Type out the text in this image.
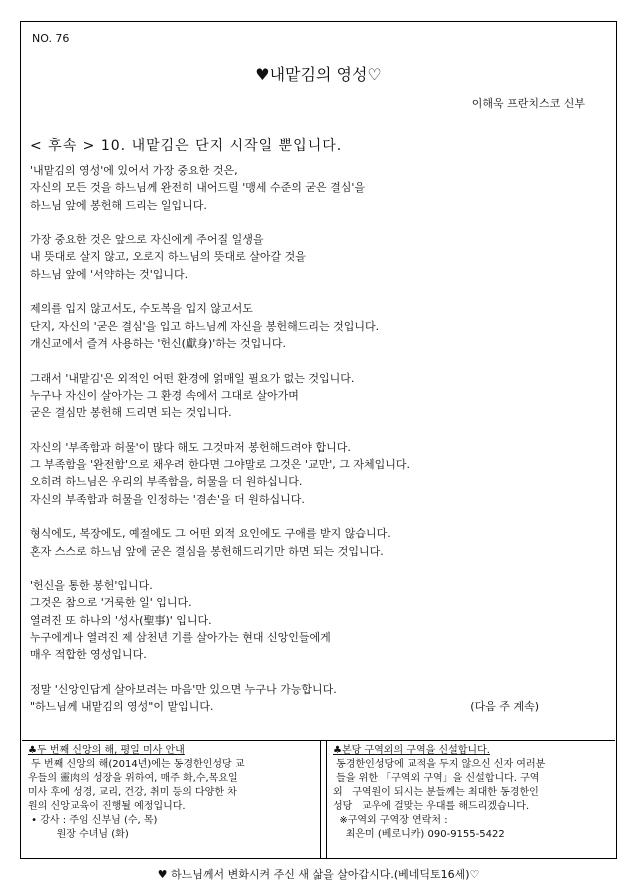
NO. 76
♥내맡김의 영성♡
이해욱 프란치스코 신부
< 후속 > 10. 내맡김은 단지 시작일 뿐입니다.
'내맡김의 영성'에 있어서 가장 중요한 것은,
자신의 모든 것을 하느님께 완전히 내어드릴 '맹세 수준의 굳은 결심'을
하느님 앞에 봉헌해 드리는 일입니다.
가장 중요한 것은 앞으로 자신에게 주어질 일생을
내 뜻대로 살지 않고, 오로지 하느님의 뜻대로 살아갈 것을
하느님 앞에 '서약하는 것'입니다.
제의를 입지 않고서도, 수도복을 입지 않고서도
단지, 자신의 '굳은 결심'을 입고 하느님께 자신을 봉헌해드리는 것입니다.
개신교에서 즐겨 사용하는 '헌신(獻身)'하는 것입니다.
그래서 '내맡김'은 외적인 어떤 환경에 얽매일 필요가 없는 것입니다.
누구나 자신이 살아가는 그 환경 속에서 그대로 살아가며
굳은 결심만 봉헌해 드리면 되는 것입니다.
자신의 '부족함과 허물'이 많다 해도 그것마저 봉헌해드려야 합니다.
그 부족함을 '완전함'으로 채우려 한다면 그야말로 그것은 '교만', 그 자체입니다.
오히려 하느님은 우리의 부족함을, 허물을 더 원하십니다.
자신의 부족함과 허물을 인정하는 '겸손'을 더 원하십니다.
형식에도, 복장에도, 예절에도 그 어떤 외적 요인에도 구애를 받지 않습니다.
혼자 스스로 하느님 앞에 굳은 결심을 봉헌해드리기만 하면 되는 것입니다.
'헌신을 통한 봉헌'입니다.
그것은 참으로 '거룩한 일' 입니다.
열려진 또 하나의 '성사(聖事)' 입니다.
누구에게나 열려진 제 삼천년 기를 살아가는 현대 신앙인들에게
매우 적합한 영성입니다.
정말 '신앙인답게 살아보려는 마음'만 있으면 누구나 가능합니다.
"하느님께 내맡김의 영성"이 맡입니다.	(다음 주 계속)
♣두 번째 신앙의 해, 평일 미사 안내
두 번째 신앙의 해(2014년)에는 동경한인성당 교
우들의 靈肉의 성장을 위하여, 매주 화,수,목요일
미사 후에 성경, 교리, 건강, 취미 등의 다양한 차
원의 신앙교육이 진행될 예정입니다.
• 강사 : 주임 신부님 (수, 목)
원장 수녀님 (화)
♣본당 구역외의 구역을 신설합니다.
동경한인성당에 교적을 두지 않으신 신자 여러분
들을 위한 「구역외 구역」을 신설합니다. 구역
외   구역원이 되시는 분들께는 최대한 동경한인
성당   교우에 걸맞는 우대를 해드리겠습니다.
※구역외 구역장 연락처 :
최은미 (베로니카) 090-9155-5422
♥ 하느님께서 변화시켜 주신 새 삶을 살아갑시다.(베네딕토16세)♡
